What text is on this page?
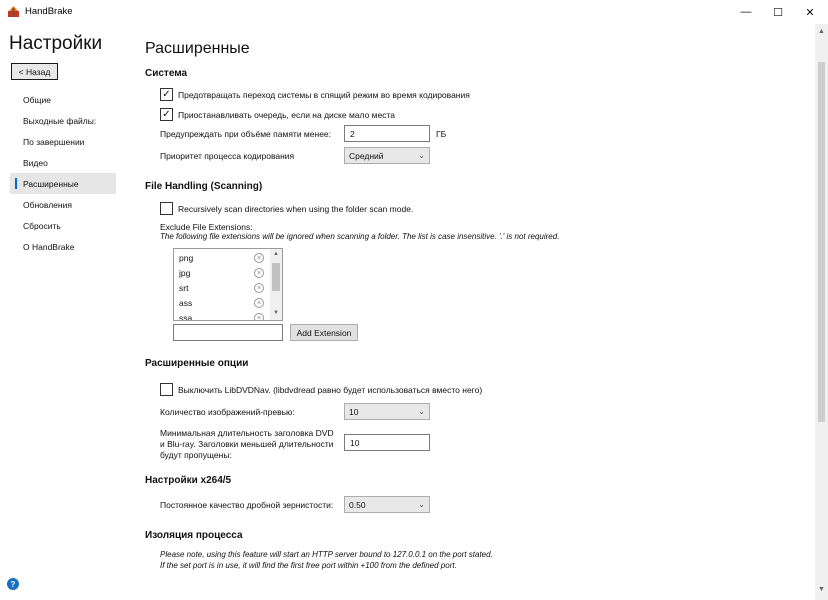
HandBrake	—	☐	✕
Настройки
< Назад
Общие
Выходные файлы:
По завершении
Видео
Расширенные
Обновления
Сбросить
О HandBrake
?
Расширенные
Система
✓ Предотвращать переход системы в спящий режим во время кодирования
✓ Приостанавливать очередь, если на диске мало места
Предупреждать при объёме памяти менее:	2	ГБ
Приоритет процесса кодирования	Средний	⌄
File Handling (Scanning)
Recursively scan directories when using the folder scan mode.
Exclude File Extensions:
The following file extensions will be ignored when scanning a folder. The list is case insensitive. '.' is not required.
png	×
jpg	×
srt	×
ass	×
ssa	×
▲
▼
Add Extension
Расширенные опции
Выключить LibDVDNav. (libdvdread равно будет использоваться вместо него)
Количество изображений-превью:	10	⌄
Минимальная длительность заголовка DVD
и Blu-ray. Заголовки меньшей длительности
будут пропущены:
10
Настройки x264/5
Постоянное качество дробной зернистости: 0.50	⌄
Изоляция процесса
Please note, using this feature will start an HTTP server bound to 127.0.0.1 on the port stated.
If the set port is in use, it will find the first free port within +100 from the defined port.
▲
▼
